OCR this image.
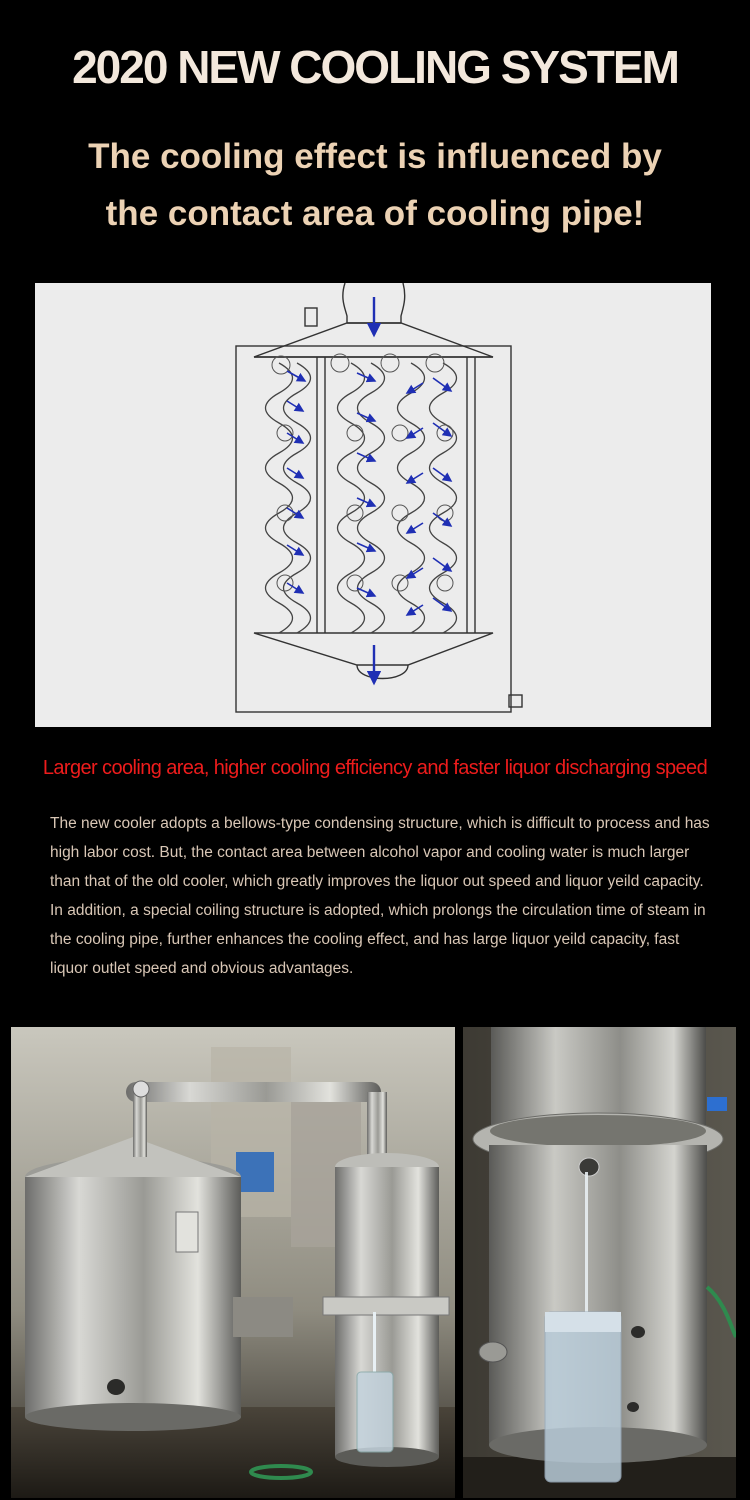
2020 NEW COOLING SYSTEM
The cooling effect is influenced by
the contact area of cooling pipe!

Larger cooling area, higher cooling efficiency and faster liquor discharging speed

The new cooler adopts a bellows-type condensing structure, which is difficult to process and has high labor cost. But, the contact area between alcohol vapor and cooling water is much larger than that of the old cooler, which greatly improves the liquor out speed and liquor yeild capacity. In addition, a special coiling structure is adopted, which prolongs the circulation time of steam in the cooling pipe, further enhances the cooling effect, and has large liquor yeild capacity, fast liquor outlet speed and obvious advantages.
